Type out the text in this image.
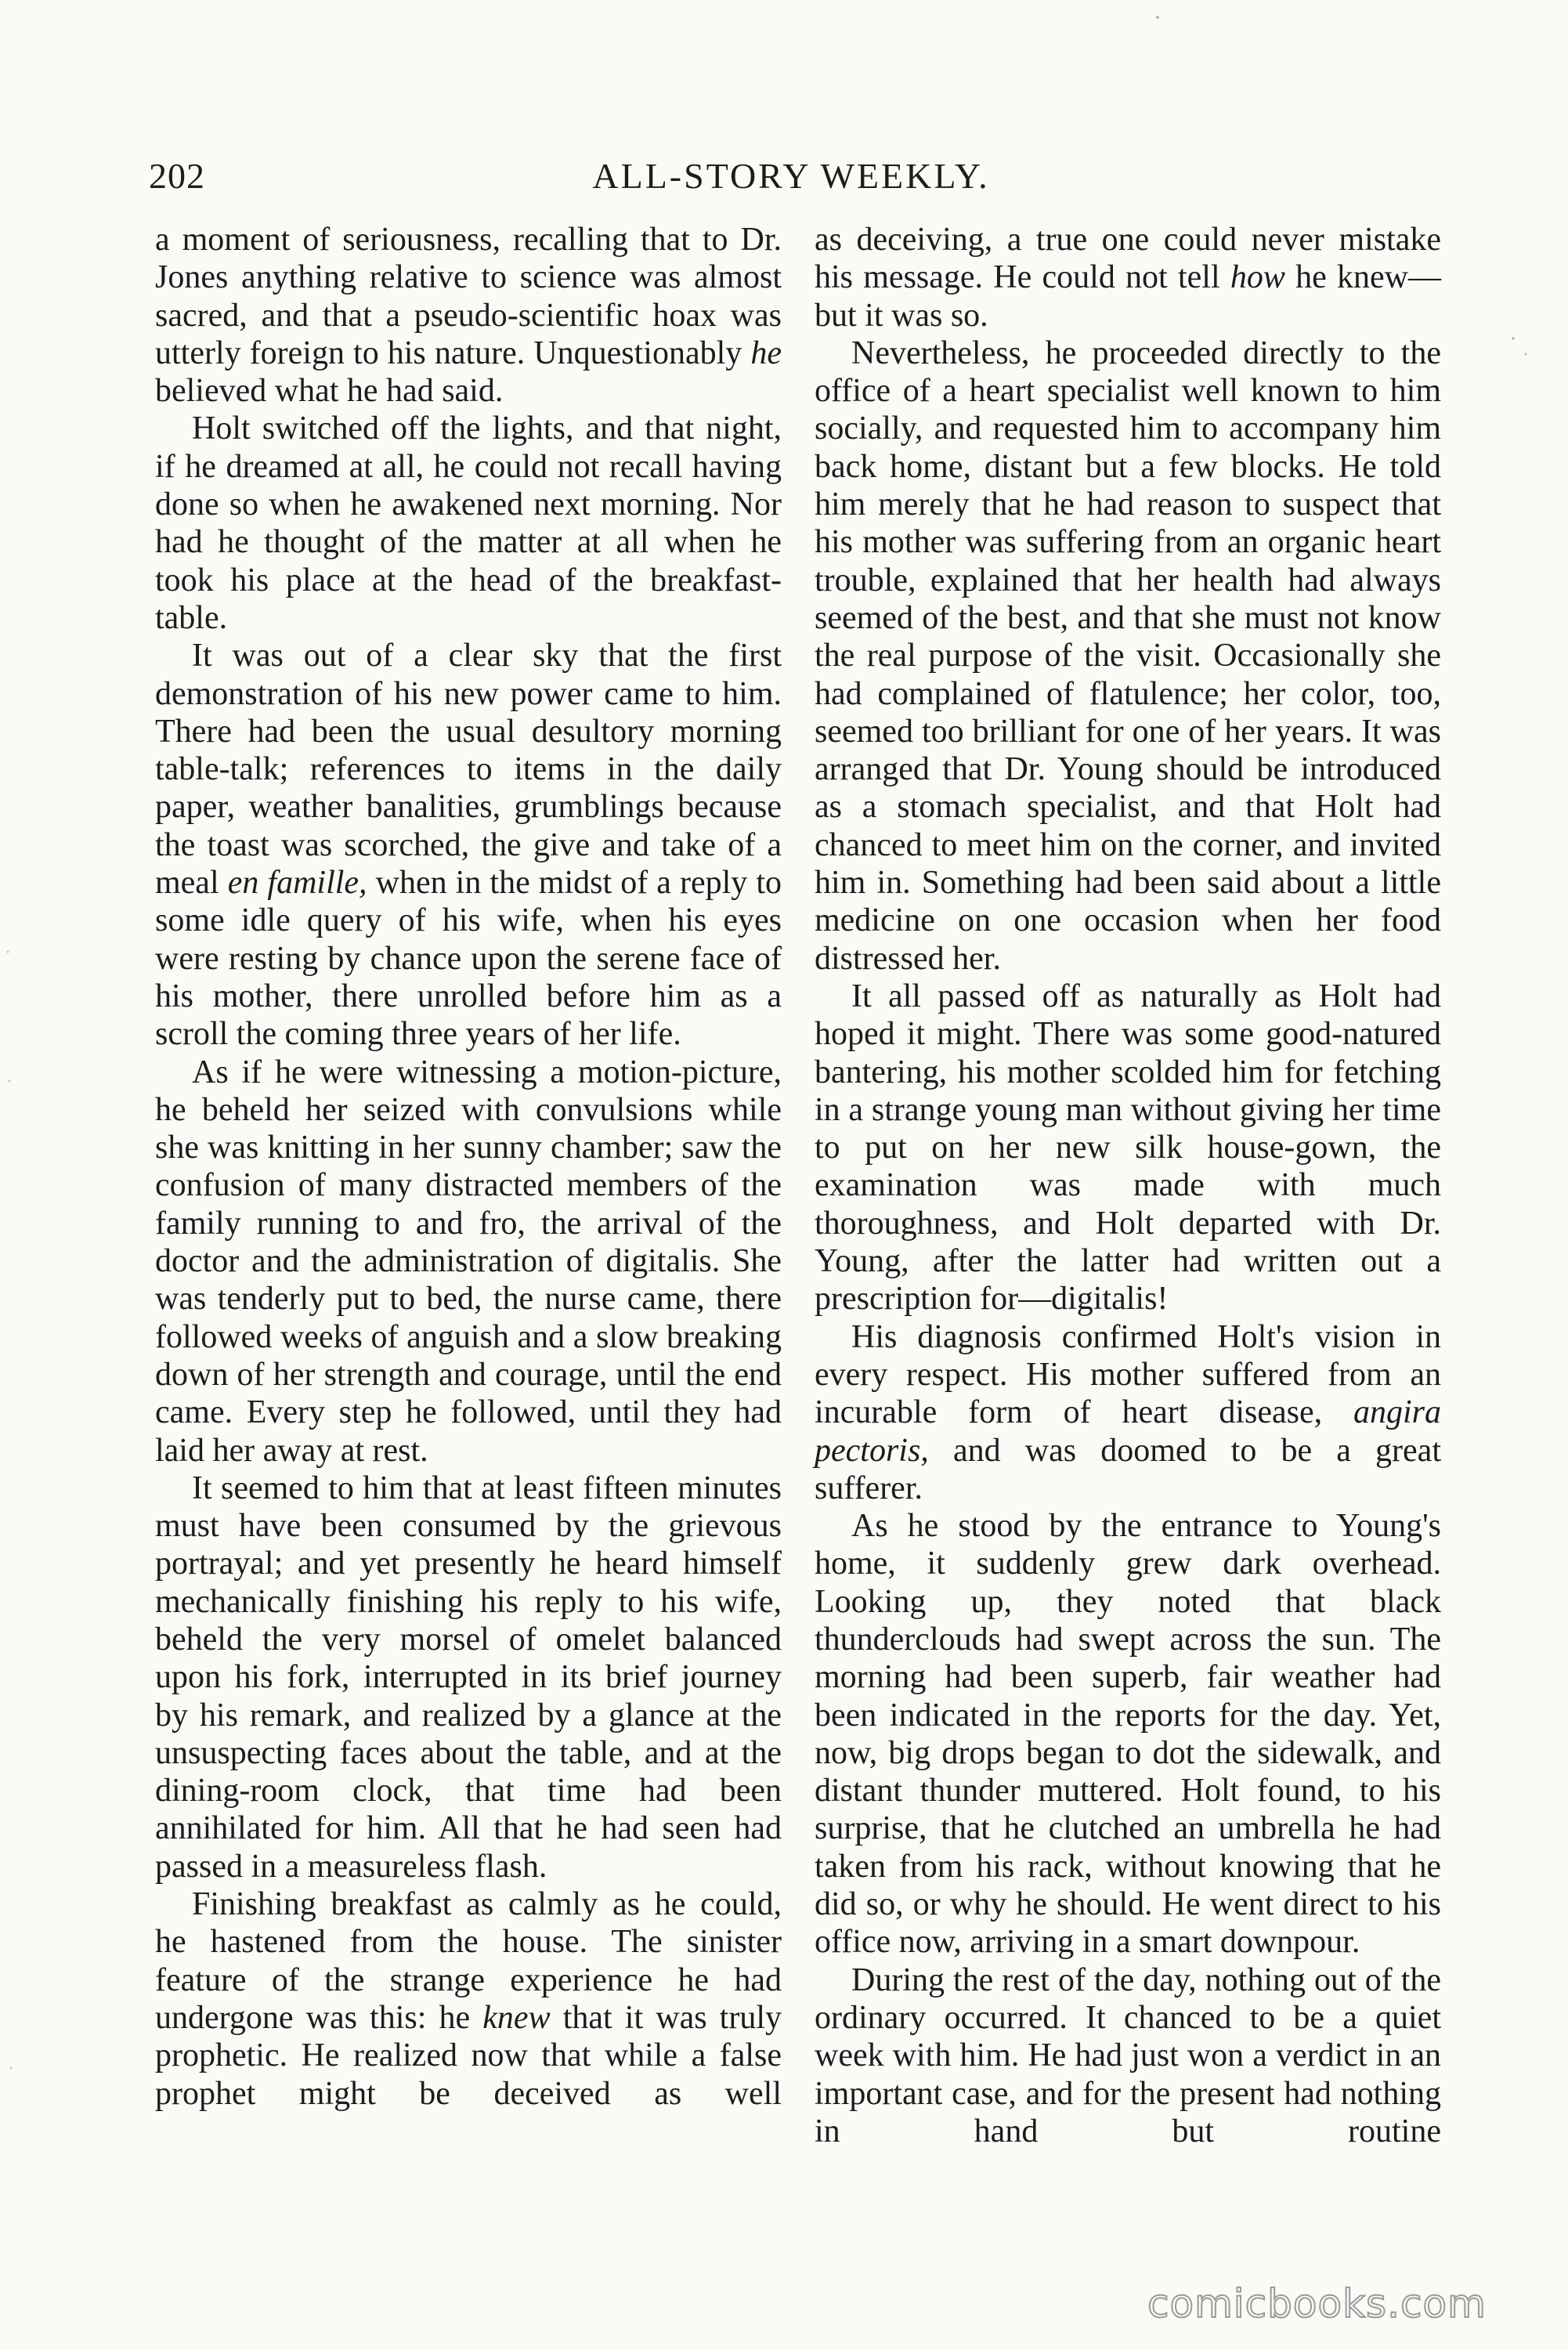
202	ALL-STORY WEEKLY.

a moment of seriousness, recalling that to Dr. Jones anything relative to science was almost sacred, and that a pseudo-scientific hoax was utterly foreign to his nature. Unquestionably he believed what he had said.

Holt switched off the lights, and that night, if he dreamed at all, he could not recall having done so when he awakened next morning. Nor had he thought of the matter at all when he took his place at the head of the breakfast-table.

It was out of a clear sky that the first demonstration of his new power came to him. There had been the usual desultory morning table-talk; references to items in the daily paper, weather banalities, grumblings because the toast was scorched, the give and take of a meal en famille, when in the midst of a reply to some idle query of his wife, when his eyes were resting by chance upon the serene face of his mother, there unrolled before him as a scroll the coming three years of her life.

As if he were witnessing a motion-picture, he beheld her seized with convulsions while she was knitting in her sunny chamber; saw the confusion of many distracted members of the family running to and fro, the arrival of the doctor and the administration of digitalis. She was tenderly put to bed, the nurse came, there followed weeks of anguish and a slow breaking down of her strength and courage, until the end came. Every step he followed, until they had laid her away at rest.

It seemed to him that at least fifteen minutes must have been consumed by the grievous portrayal; and yet presently he heard himself mechanically finishing his reply to his wife, beheld the very morsel of omelet balanced upon his fork, interrupted in its brief journey by his remark, and realized by a glance at the unsuspecting faces about the table, and at the dining-room clock, that time had been annihilated for him. All that he had seen had passed in a measureless flash.

Finishing breakfast as calmly as he could, he hastened from the house. The sinister feature of the strange experience he had undergone was this: he knew that it was truly prophetic. He realized now that while a false prophet might be deceived as well

as deceiving, a true one could never mistake his message. He could not tell how he knew—but it was so.

Nevertheless, he proceeded directly to the office of a heart specialist well known to him socially, and requested him to accompany him back home, distant but a few blocks. He told him merely that he had reason to suspect that his mother was suffering from an organic heart trouble, explained that her health had always seemed of the best, and that she must not know the real purpose of the visit. Occasionally she had complained of flatulence; her color, too, seemed too brilliant for one of her years. It was arranged that Dr. Young should be introduced as a stomach specialist, and that Holt had chanced to meet him on the corner, and invited him in. Something had been said about a little medicine on one occasion when her food distressed her.

It all passed off as naturally as Holt had hoped it might. There was some good-natured bantering, his mother scolded him for fetching in a strange young man without giving her time to put on her new silk house-gown, the examination was made with much thoroughness, and Holt departed with Dr. Young, after the latter had written out a prescription for—digitalis!

His diagnosis confirmed Holt's vision in every respect. His mother suffered from an incurable form of heart disease, angira pectoris, and was doomed to be a great sufferer.

As he stood by the entrance to Young's home, it suddenly grew dark overhead. Looking up, they noted that black thunderclouds had swept across the sun. The morning had been superb, fair weather had been indicated in the reports for the day. Yet, now, big drops began to dot the sidewalk, and distant thunder muttered. Holt found, to his surprise, that he clutched an umbrella he had taken from his rack, without knowing that he did so, or why he should. He went direct to his office now, arriving in a smart downpour.

During the rest of the day, nothing out of the ordinary occurred. It chanced to be a quiet week with him. He had just won a verdict in an important case, and for the present had nothing in hand but routine

comicbooks.com
